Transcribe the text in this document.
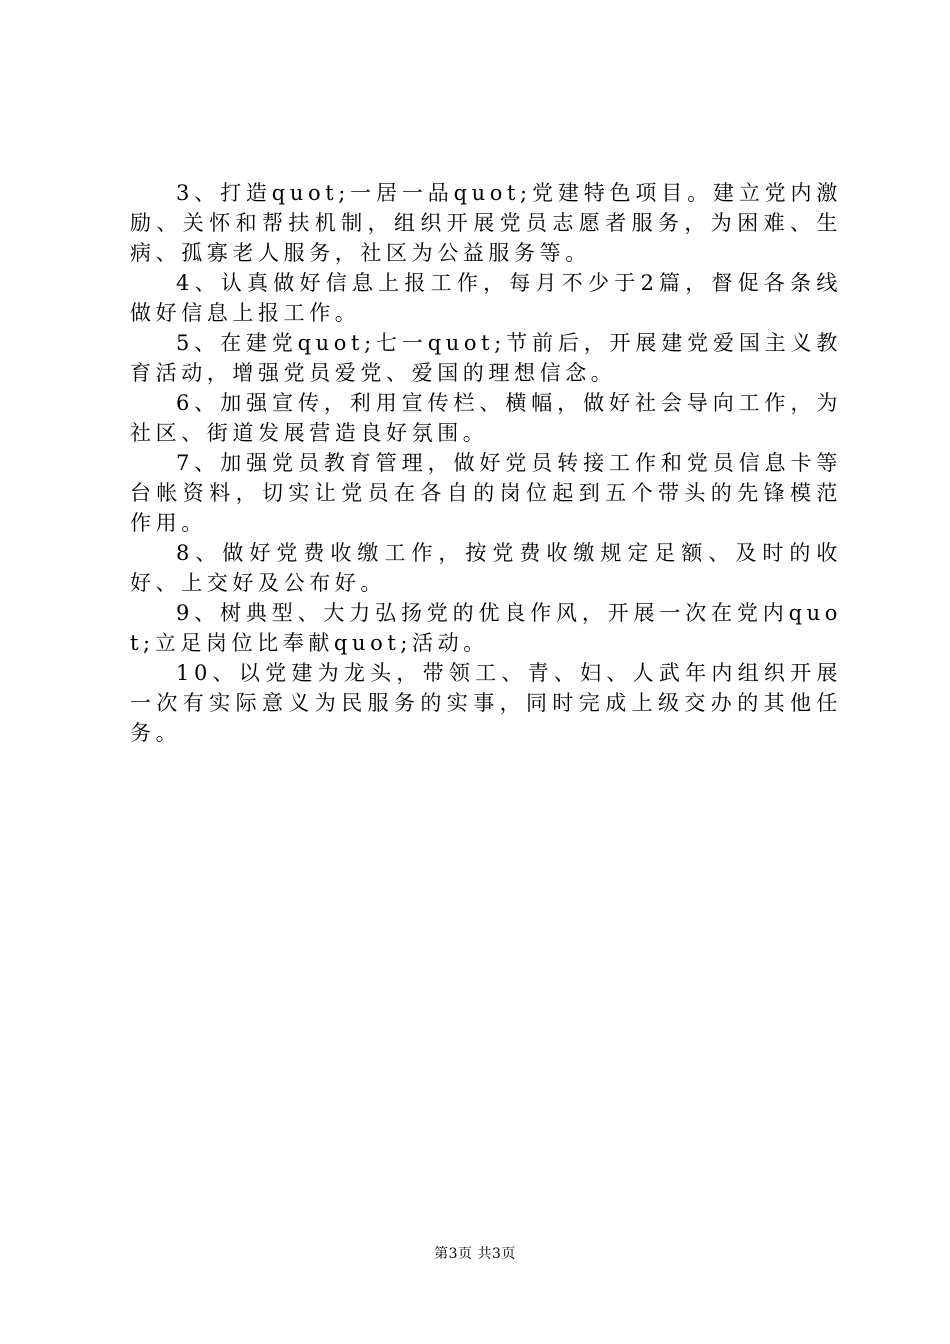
3、打造quot;一居一品quot;党建特色项目。建立党内激励、关怀和帮扶机制，组织开展党员志愿者服务，为困难、生病、孤寡老人服务，社区为公益服务等。

4、认真做好信息上报工作，每月不少于2篇，督促各条线做好信息上报工作。

5、在建党quot;七一quot;节前后，开展建党爱国主义教育活动，增强党员爱党、爱国的理想信念。

6、加强宣传，利用宣传栏、横幅，做好社会导向工作，为社区、街道发展营造良好氛围。

7、加强党员教育管理，做好党员转接工作和党员信息卡等台帐资料，切实让党员在各自的岗位起到五个带头的先锋模范作用。

8、做好党费收缴工作，按党费收缴规定足额、及时的收好、上交好及公布好。

9、树典型、大力弘扬党的优良作风，开展一次在党内quot;立足岗位比奉献quot;活动。

10、以党建为龙头，带领工、青、妇、人武年内组织开展一次有实际意义为民服务的实事，同时完成上级交办的其他任务。

第3页 共3页
